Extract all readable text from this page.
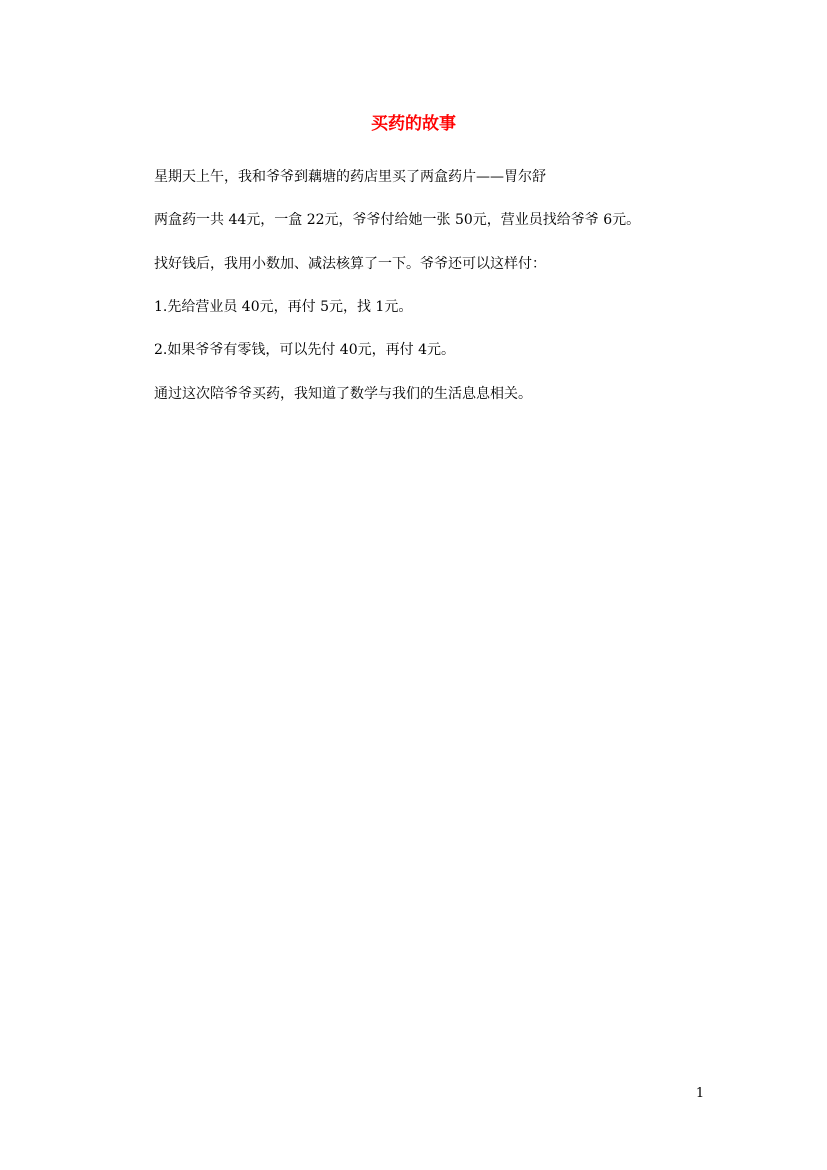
买药的故事
星期天上午，我和爷爷到藕塘的药店里买了两盒药片——胃尔舒
两盒药一共 44元，一盒 22元，爷爷付给她一张 50元，营业员找给爷爷 6元。
找好钱后，我用小数加、减法核算了一下。爷爷还可以这样付：
1.先给营业员 40元，再付 5元，找 1元。
2.如果爷爷有零钱，可以先付 40元，再付 4元。
通过这次陪爷爷买药，我知道了数学与我们的生活息息相关。
1
